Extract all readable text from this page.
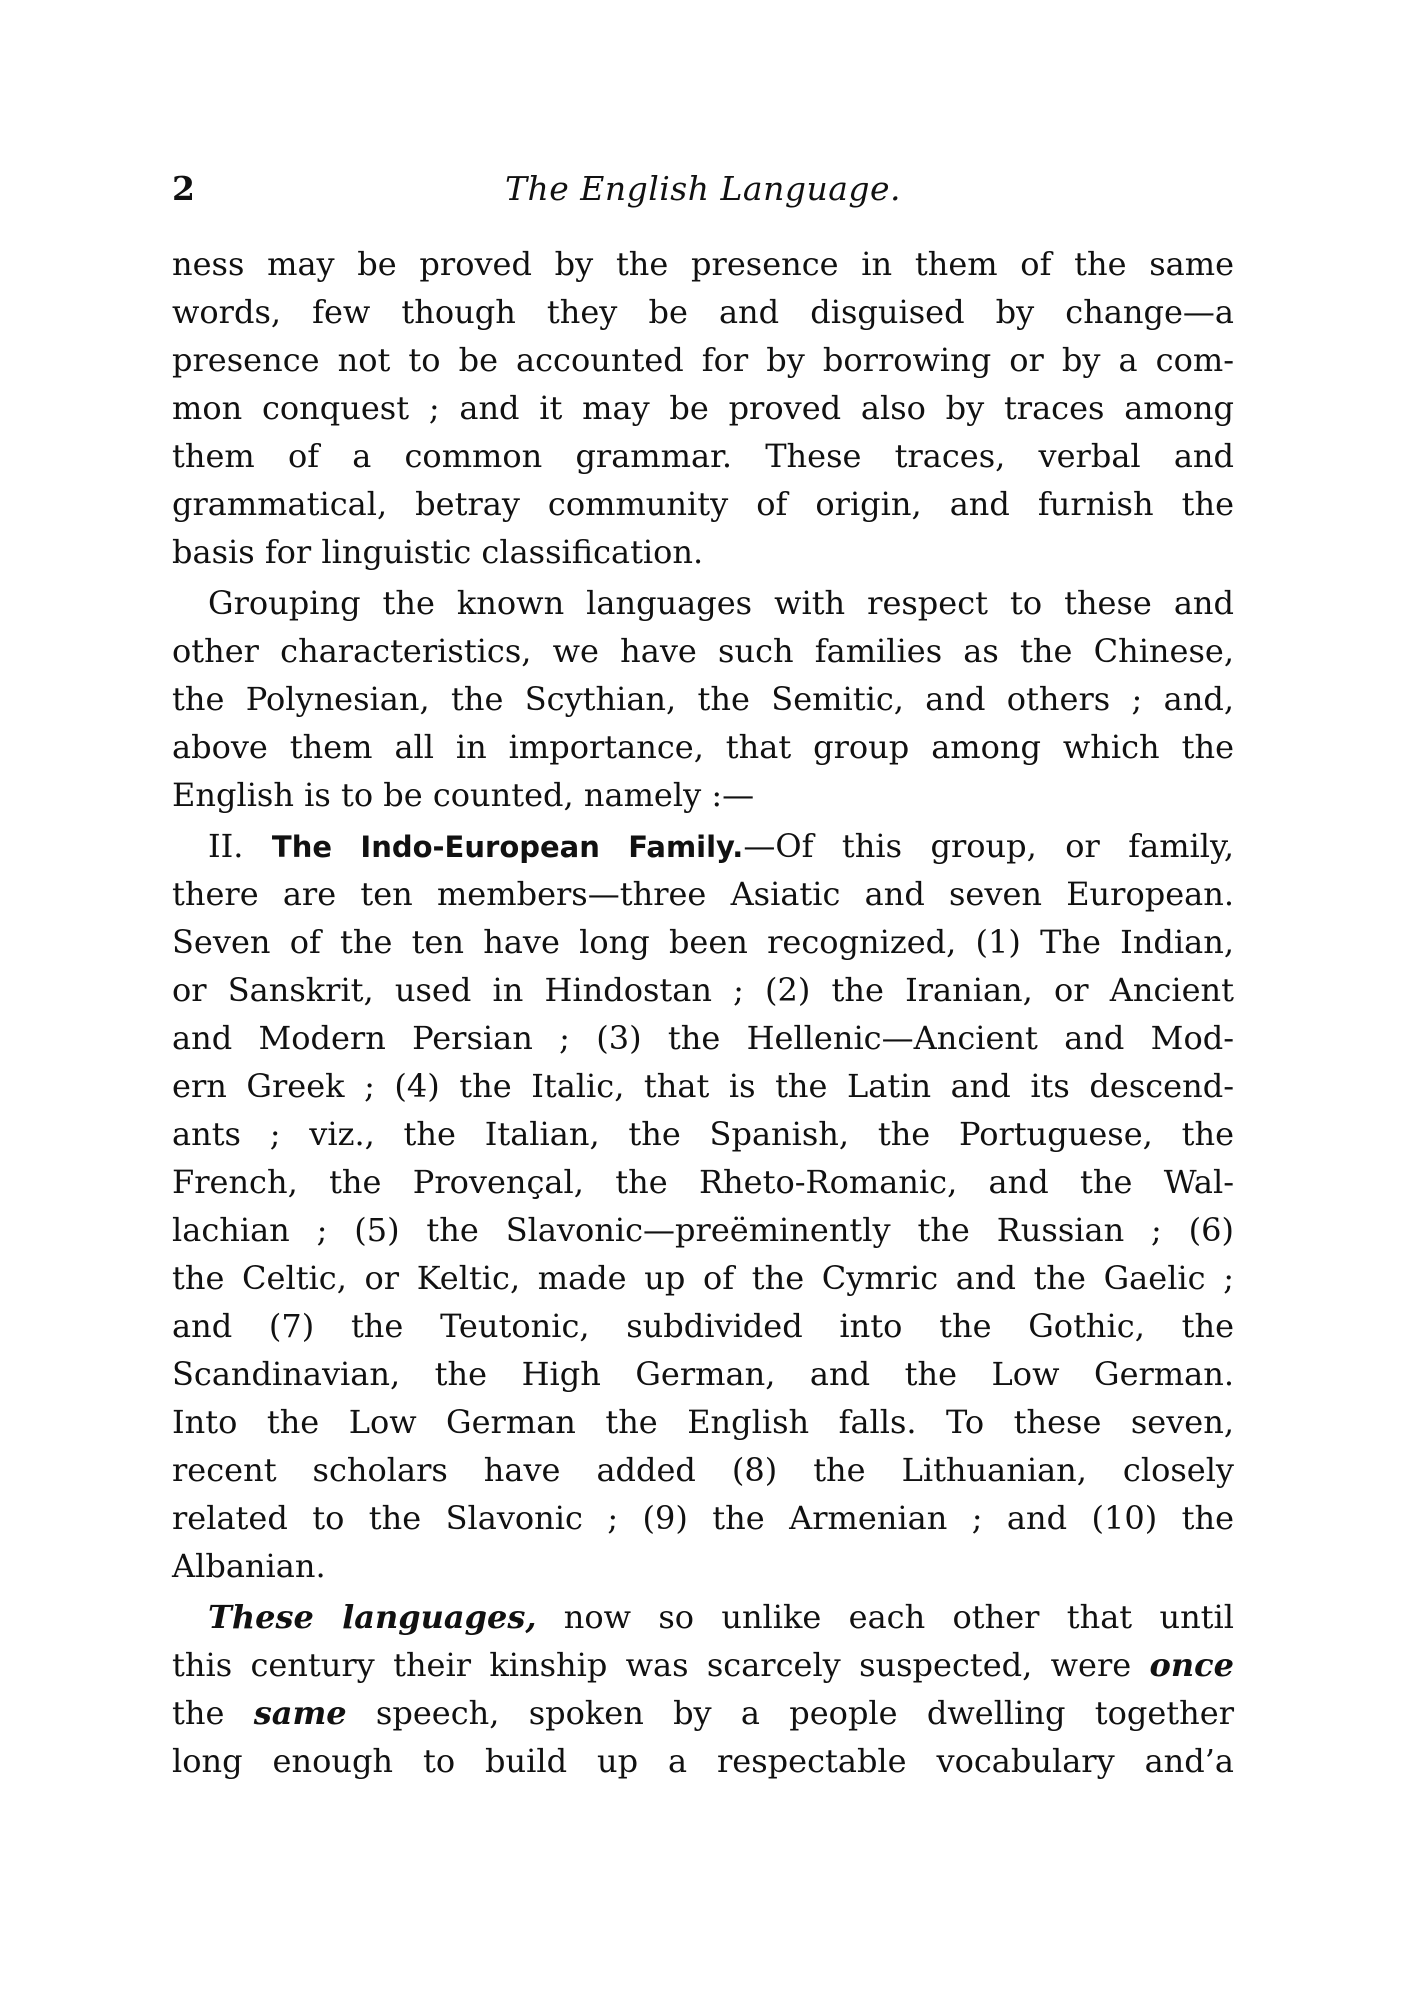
2	The English Language.

ness may be proved by the presence in them of the same
words, few though they be and disguised by change—a
presence not to be accounted for by borrowing or by a com-
mon conquest ; and it may be proved also by traces among
them of a common grammar. These traces, verbal and
grammatical, betray community of origin, and furnish the
basis for linguistic classification.

Grouping the known languages with respect to these and
other characteristics, we have such families as the Chinese,
the Polynesian, the Scythian, the Semitic, and others ; and,
above them all in importance, that group among which the
English is to be counted, namely :—

II. The Indo-European Family.—Of this group, or family,
there are ten members—three Asiatic and seven European.
Seven of the ten have long been recognized, (1) The Indian,
or Sanskrit, used in Hindostan ; (2) the Iranian, or Ancient
and Modern Persian ; (3) the Hellenic—Ancient and Mod-
ern Greek ; (4) the Italic, that is the Latin and its descend-
ants ; viz., the Italian, the Spanish, the Portuguese, the
French, the Provençal, the Rheto-Romanic, and the Wal-
lachian ; (5) the Slavonic—preëminently the Russian ; (6)
the Celtic, or Keltic, made up of the Cymric and the Gaelic ;
and (7) the Teutonic, subdivided into the Gothic, the
Scandinavian, the High German, and the Low German.
Into the Low German the English falls. To these seven,
recent scholars have added (8) the Lithuanian, closely
related to the Slavonic ; (9) the Armenian ; and (10) the
Albanian.

These languages, now so unlike each other that until
this century their kinship was scarcely suspected, were once
the same speech, spoken by a people dwelling together
long enough to build up a respectable vocabulary and’a
